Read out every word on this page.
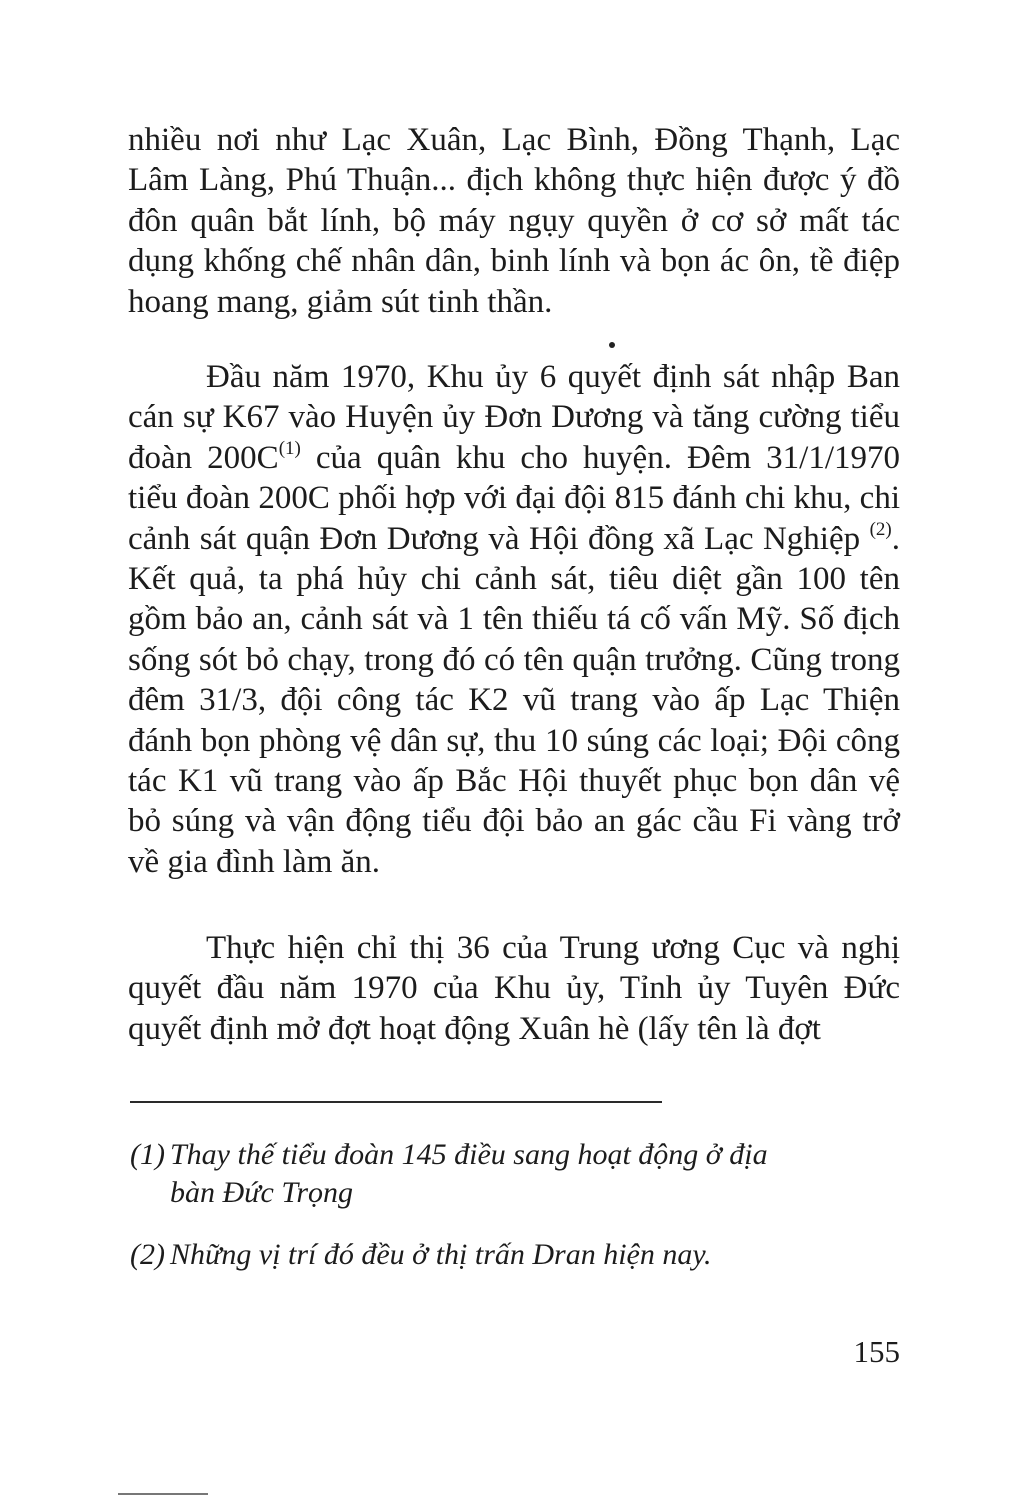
nhiều nơi như Lạc Xuân, Lạc Bình, Đồng Thạnh, Lạc Lâm Làng, Phú Thuận... địch không thực hiện được ý đồ đôn quân bắt lính, bộ máy ngụy quyền ở cơ sở mất tác dụng khống chế nhân dân, binh lính và bọn ác ôn, tề điệp hoang mang, giảm sút tinh thần.

Đầu năm 1970, Khu ủy 6 quyết định sát nhập Ban cán sự K67 vào Huyện ủy Đơn Dương và tăng cường tiểu đoàn $200C^{(1)}$ của quân khu cho huyện. Đêm 31/1/1970 tiểu đoàn 200C phối hợp với đại đội 815 đánh chi khu, chi cảnh sát quận Đơn Dương và Hội đồng xã Lạc Nghiệp $^{(2)}$. Kết quả, ta phá hủy chi cảnh sát, tiêu diệt gần 100 tên gồm bảo an, cảnh sát và 1 tên thiếu tá cố vấn Mỹ. Số địch sống sót bỏ chạy, trong đó có tên quận trưởng. Cũng trong đêm 31/3, đội công tác K2 vũ trang vào ấp Lạc Thiện đánh bọn phòng vệ dân sự, thu 10 súng các loại; Đội công tác K1 vũ trang vào ấp Bắc Hội thuyết phục bọn dân vệ bỏ súng và vận động tiểu đội bảo an gác cầu Fi vàng trở về gia đình làm ăn.

Thực hiện chỉ thị 36 của Trung ương Cục và nghị quyết đầu năm 1970 của Khu ủy, Tỉnh ủy Tuyên Đức quyết định mở đợt hoạt động Xuân hè (lấy tên là đợt

(1) Thay thế tiểu đoàn 145 điều sang hoạt động ở địa
bàn Đức Trọng

(2) Những vị trí đó đều ở thị trấn Dran hiện nay.

155
